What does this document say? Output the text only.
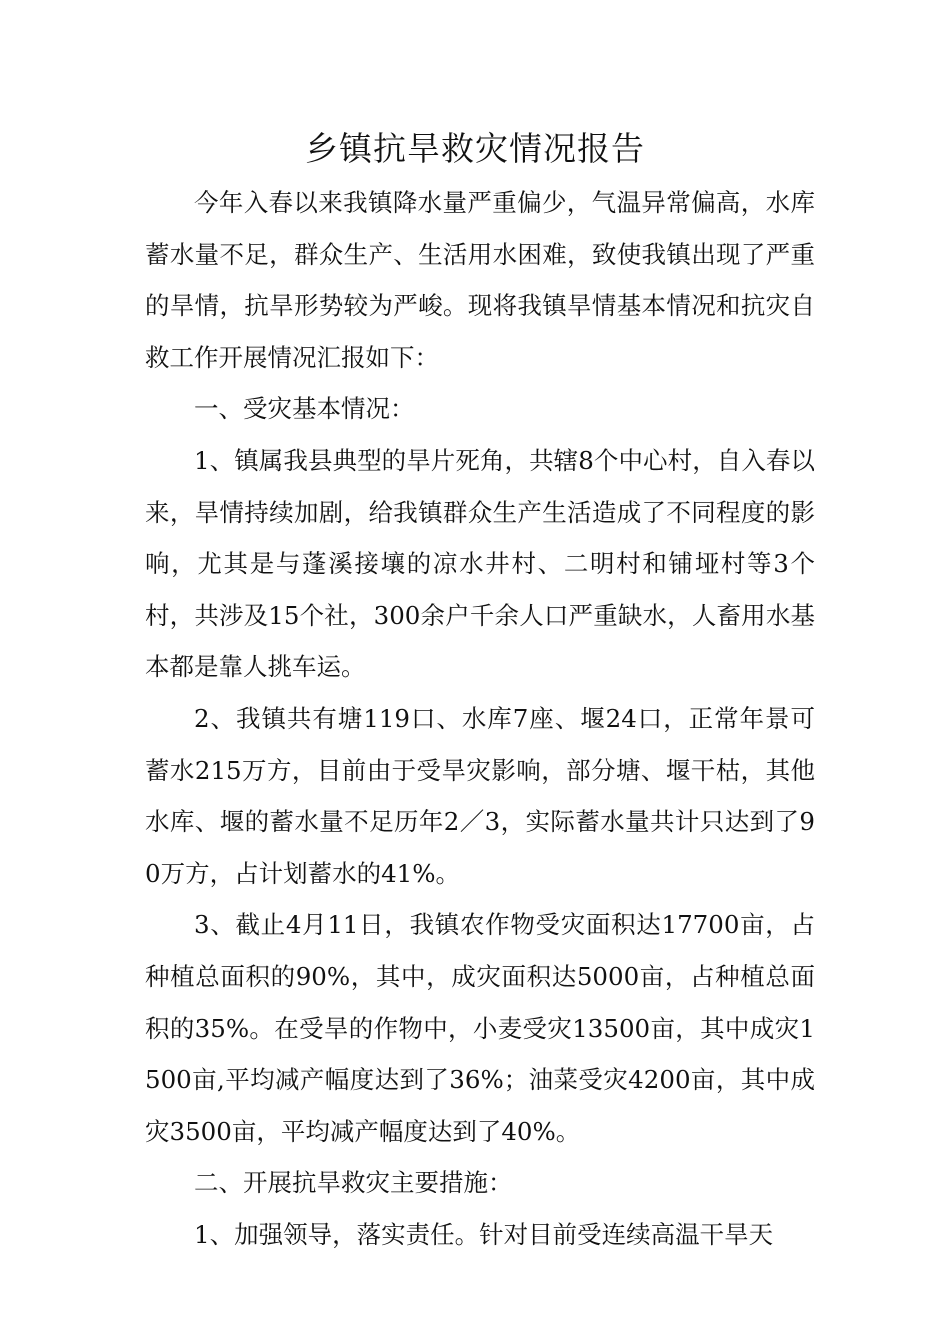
乡镇抗旱救灾情况报告

今年入春以来我镇降水量严重偏少，气温异常偏高，水库蓄水量不足，群众生产、生活用水困难，致使我镇出现了严重的旱情，抗旱形势较为严峻。现将我镇旱情基本情况和抗灾自救工作开展情况汇报如下：

一、受灾基本情况：

1、镇属我县典型的旱片死角，共辖8个中心村，自入春以来，旱情持续加剧，给我镇群众生产生活造成了不同程度的影响，尤其是与蓬溪接壤的凉水井村、二明村和铺垭村等3个村，共涉及15个社，300余户千余人口严重缺水，人畜用水基本都是靠人挑车运。

2、我镇共有塘119口、水库7座、堰24口，正常年景可蓄水215万方，目前由于受旱灾影响，部分塘、堰干枯，其他水库、堰的蓄水量不足历年2／3，实际蓄水量共计只达到了90万方，占计划蓄水的41%。

3、截止4月11日，我镇农作物受灾面积达17700亩，占种植总面积的90%，其中，成灾面积达5000亩，占种植总面积的35%。在受旱的作物中，小麦受灾13500亩，其中成灾1500亩,平均减产幅度达到了36%；油菜受灾4200亩，其中成灾3500亩，平均减产幅度达到了40%。

二、开展抗旱救灾主要措施：

1、加强领导，落实责任。针对目前受连续高温干旱天
